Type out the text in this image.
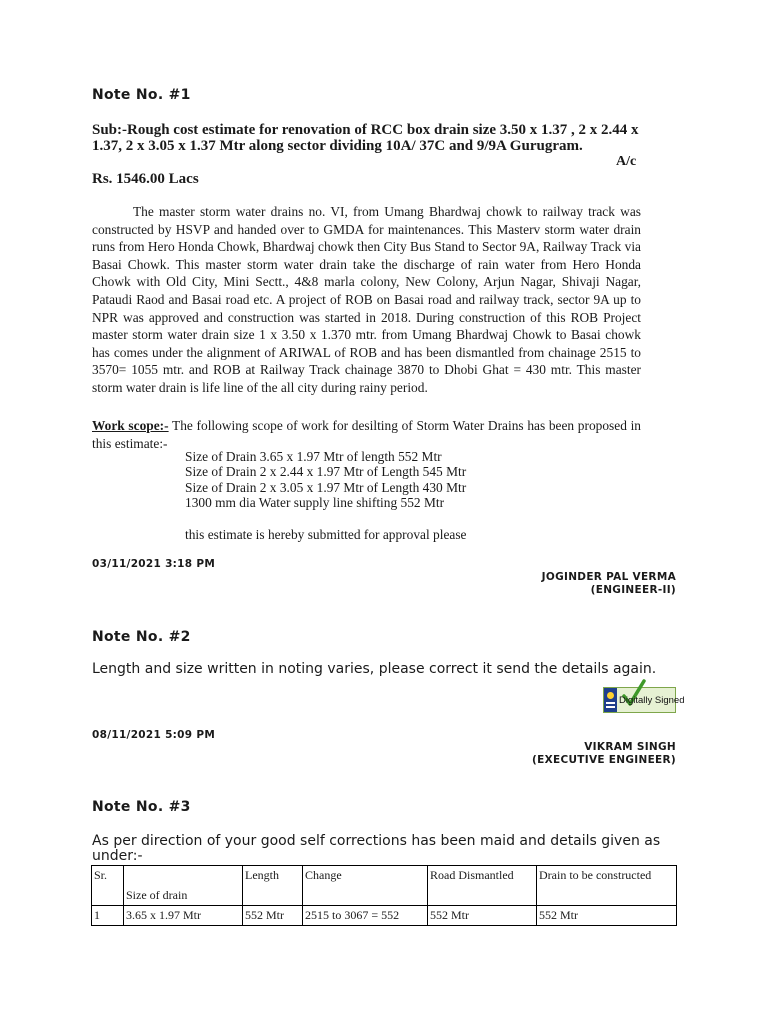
Note No. #1
Sub:-Rough cost estimate for renovation of RCC box drain size 3.50 x 1.37 , 2 x 2.44 x 1.37, 2 x 3.05 x 1.37 Mtr along sector dividing 10A/ 37C and 9/9A Gurugram.
A/c
Rs. 1546.00 Lacs
The master storm water drains no. VI, from Umang Bhardwaj chowk to railway track was constructed by HSVP and handed over to GMDA for maintenances. This Masterv storm water drain runs from Hero Honda Chowk, Bhardwaj chowk then City Bus Stand to Sector 9A, Railway Track via Basai Chowk. This master storm water drain take the discharge of rain water from Hero Honda Chowk with Old City, Mini Sectt., 4&8 marla colony, New Colony, Arjun Nagar, Shivaji Nagar, Pataudi Raod and Basai road etc. A project of ROB on Basai road and railway track, sector 9A up to NPR was approved and construction was started in 2018. During construction of this ROB Project master storm water drain size 1 x 3.50 x 1.370 mtr. from Umang Bhardwaj Chowk to Basai chowk has comes under the alignment of ARIWAL of ROB and has been dismantled from chainage 2515 to 3570= 1055 mtr. and ROB at Railway Track chainage 3870 to Dhobi Ghat = 430 mtr. This master storm water drain is life line of the all city during rainy period.
Work scope:- The following scope of work for desilting of Storm Water Drains has been proposed in this estimate:-
Size of Drain 3.65 x 1.97 Mtr of length 552 Mtr
Size of Drain 2 x 2.44 x 1.97 Mtr of Length 545 Mtr
Size of Drain 2 x 3.05 x 1.97 Mtr of Length 430 Mtr
1300 mm dia Water supply line shifting 552 Mtr
this estimate is hereby submitted for approval please
03/11/2021 3:18 PM
JOGINDER PAL VERMA
(ENGINEER-II)
Note No. #2
Length and size written in noting varies, please correct it send the details again.
Digitally Signed
08/11/2021 5:09 PM
VIKRAM SINGH
(EXECUTIVE ENGINEER)
Note No. #3
As per direction of your good self corrections has been maid and details given as under:-
Sr.	Size of drain	Length	Change	Road Dismantled	Drain to be constructed
1	3.65 x 1.97 Mtr	552 Mtr	2515 to 3067 = 552	552 Mtr	552 Mtr
